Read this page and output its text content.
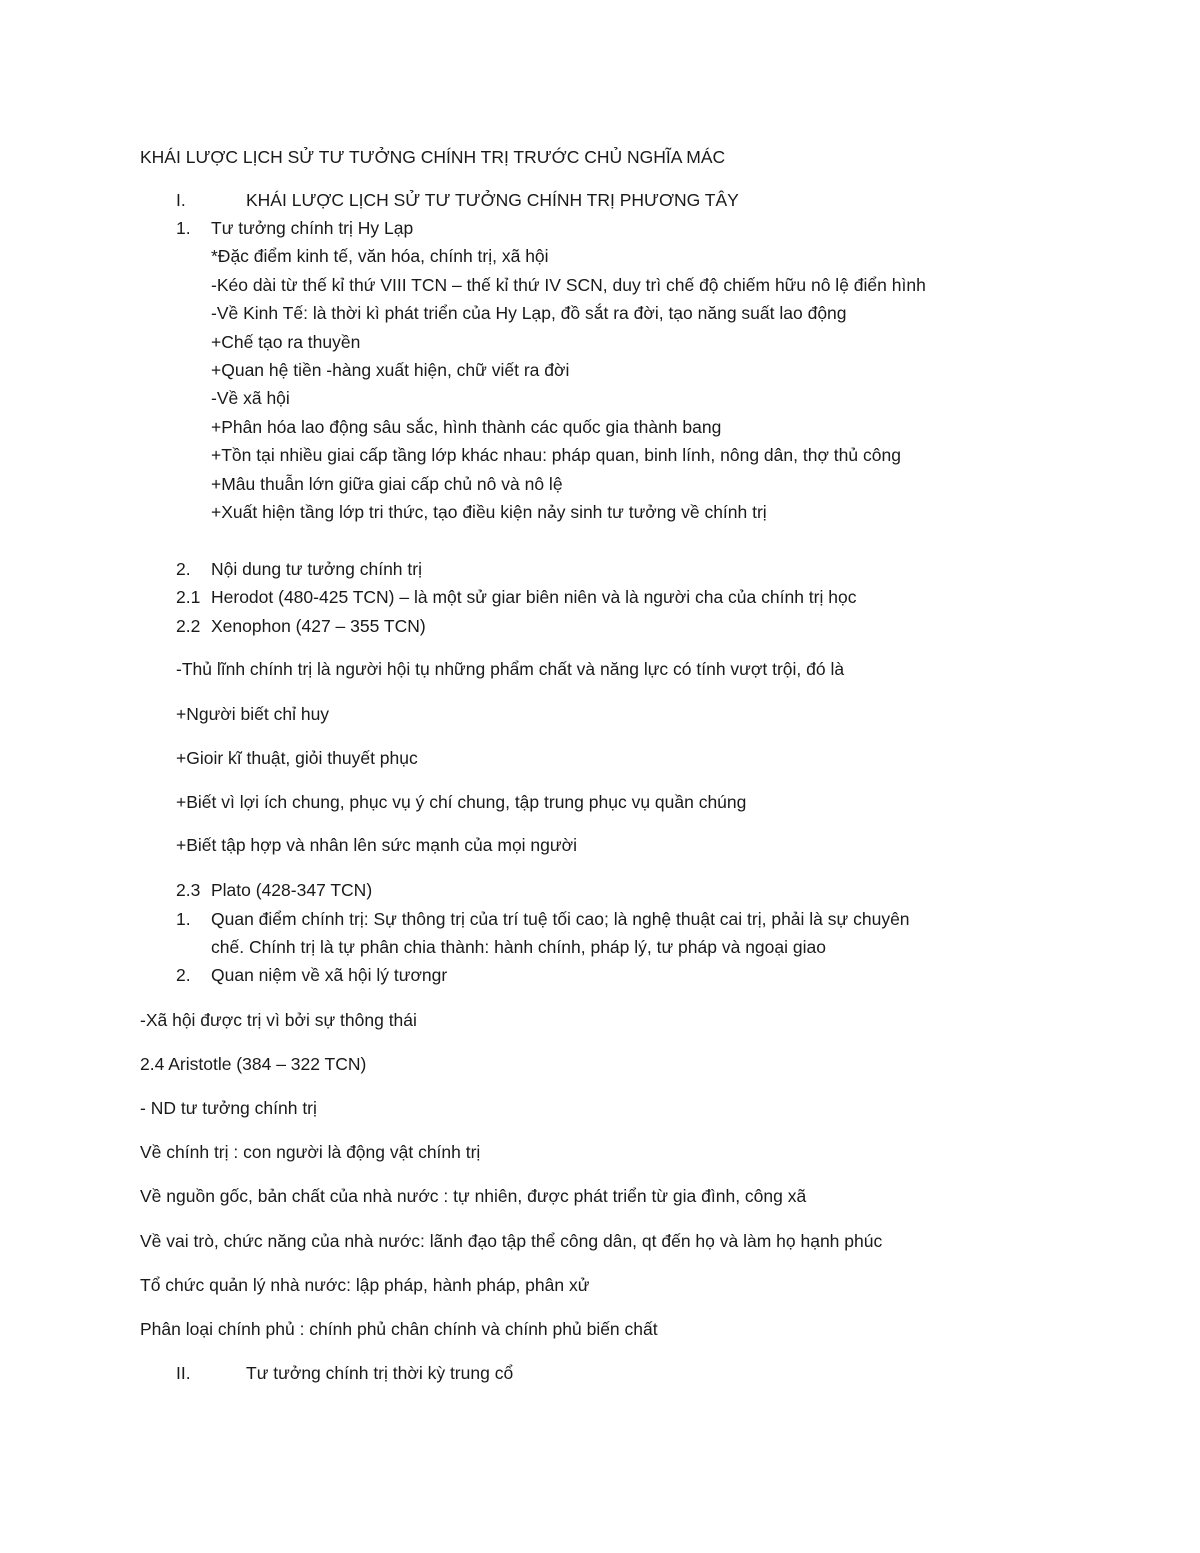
KHÁI LƯỢC LỊCH SỬ TƯ TƯỞNG CHÍNH TRỊ TRƯỚC CHỦ NGHĨA MÁC
I.	KHÁI LƯỢC LỊCH SỬ TƯ TƯỞNG CHÍNH TRỊ PHƯƠNG TÂY
1. Tư tưởng chính trị Hy Lạp
*Đặc điểm kinh tế, văn hóa, chính trị, xã hội
-Kéo dài từ thế kỉ thứ VIII TCN – thế kỉ thứ IV SCN, duy trì chế độ chiếm hữu nô lệ điển hình
-Về Kinh Tế: là thời kì phát triển của Hy Lạp, đồ sắt ra đời, tạo năng suất lao động
+Chế tạo ra thuyền
+Quan hệ tiền -hàng xuất hiện, chữ viết ra đời
-Về xã hội
+Phân hóa lao động sâu sắc, hình thành các quốc gia thành bang
+Tồn tại nhiều giai cấp tầng lớp khác nhau: pháp quan, binh lính, nông dân, thợ thủ công
+Mâu thuẫn lớn giữa giai cấp chủ nô và nô lệ
+Xuất hiện tầng lớp tri thức, tạo điều kiện nảy sinh tư tưởng về chính trị
2. Nội dung tư tưởng chính trị
2.1 Herodot (480-425 TCN) – là một sử giar biên niên và là người cha của chính trị học
2.2 Xenophon (427 – 355 TCN)
-Thủ lĩnh chính trị là người hội tụ những phẩm chất và năng lực có tính vượt trội, đó là
+Người biết chỉ huy
+Gioir kĩ thuật, giỏi thuyết phục
+Biết vì lợi ích chung, phục vụ ý chí chung, tập trung phục vụ quần chúng
+Biết tập hợp và nhân lên sức mạnh của mọi người
2.3 Plato (428-347 TCN)
1. Quan điểm chính trị: Sự thông trị của trí tuệ tối cao; là nghệ thuật cai trị, phải là sự chuyên
chế. Chính trị là tự phân chia thành: hành chính, pháp lý, tư pháp và ngoại giao
2. Quan niệm về xã hội lý tươngr
-Xã hội được trị vì bởi sự thông thái
2.4 Aristotle (384 – 322 TCN)
- ND tư tưởng chính trị
Về chính trị : con người là động vật chính trị
Về nguồn gốc, bản chất của nhà nước : tự nhiên, được phát triển từ gia đình, công xã
Về vai trò, chức năng của nhà nước: lãnh đạo tập thể công dân, qt đến họ và làm họ hạnh phúc
Tổ chức quản lý nhà nước: lập pháp, hành pháp, phân xử
Phân loại chính phủ : chính phủ chân chính và chính phủ biến chất
II.	Tư tưởng chính trị thời kỳ trung cổ
